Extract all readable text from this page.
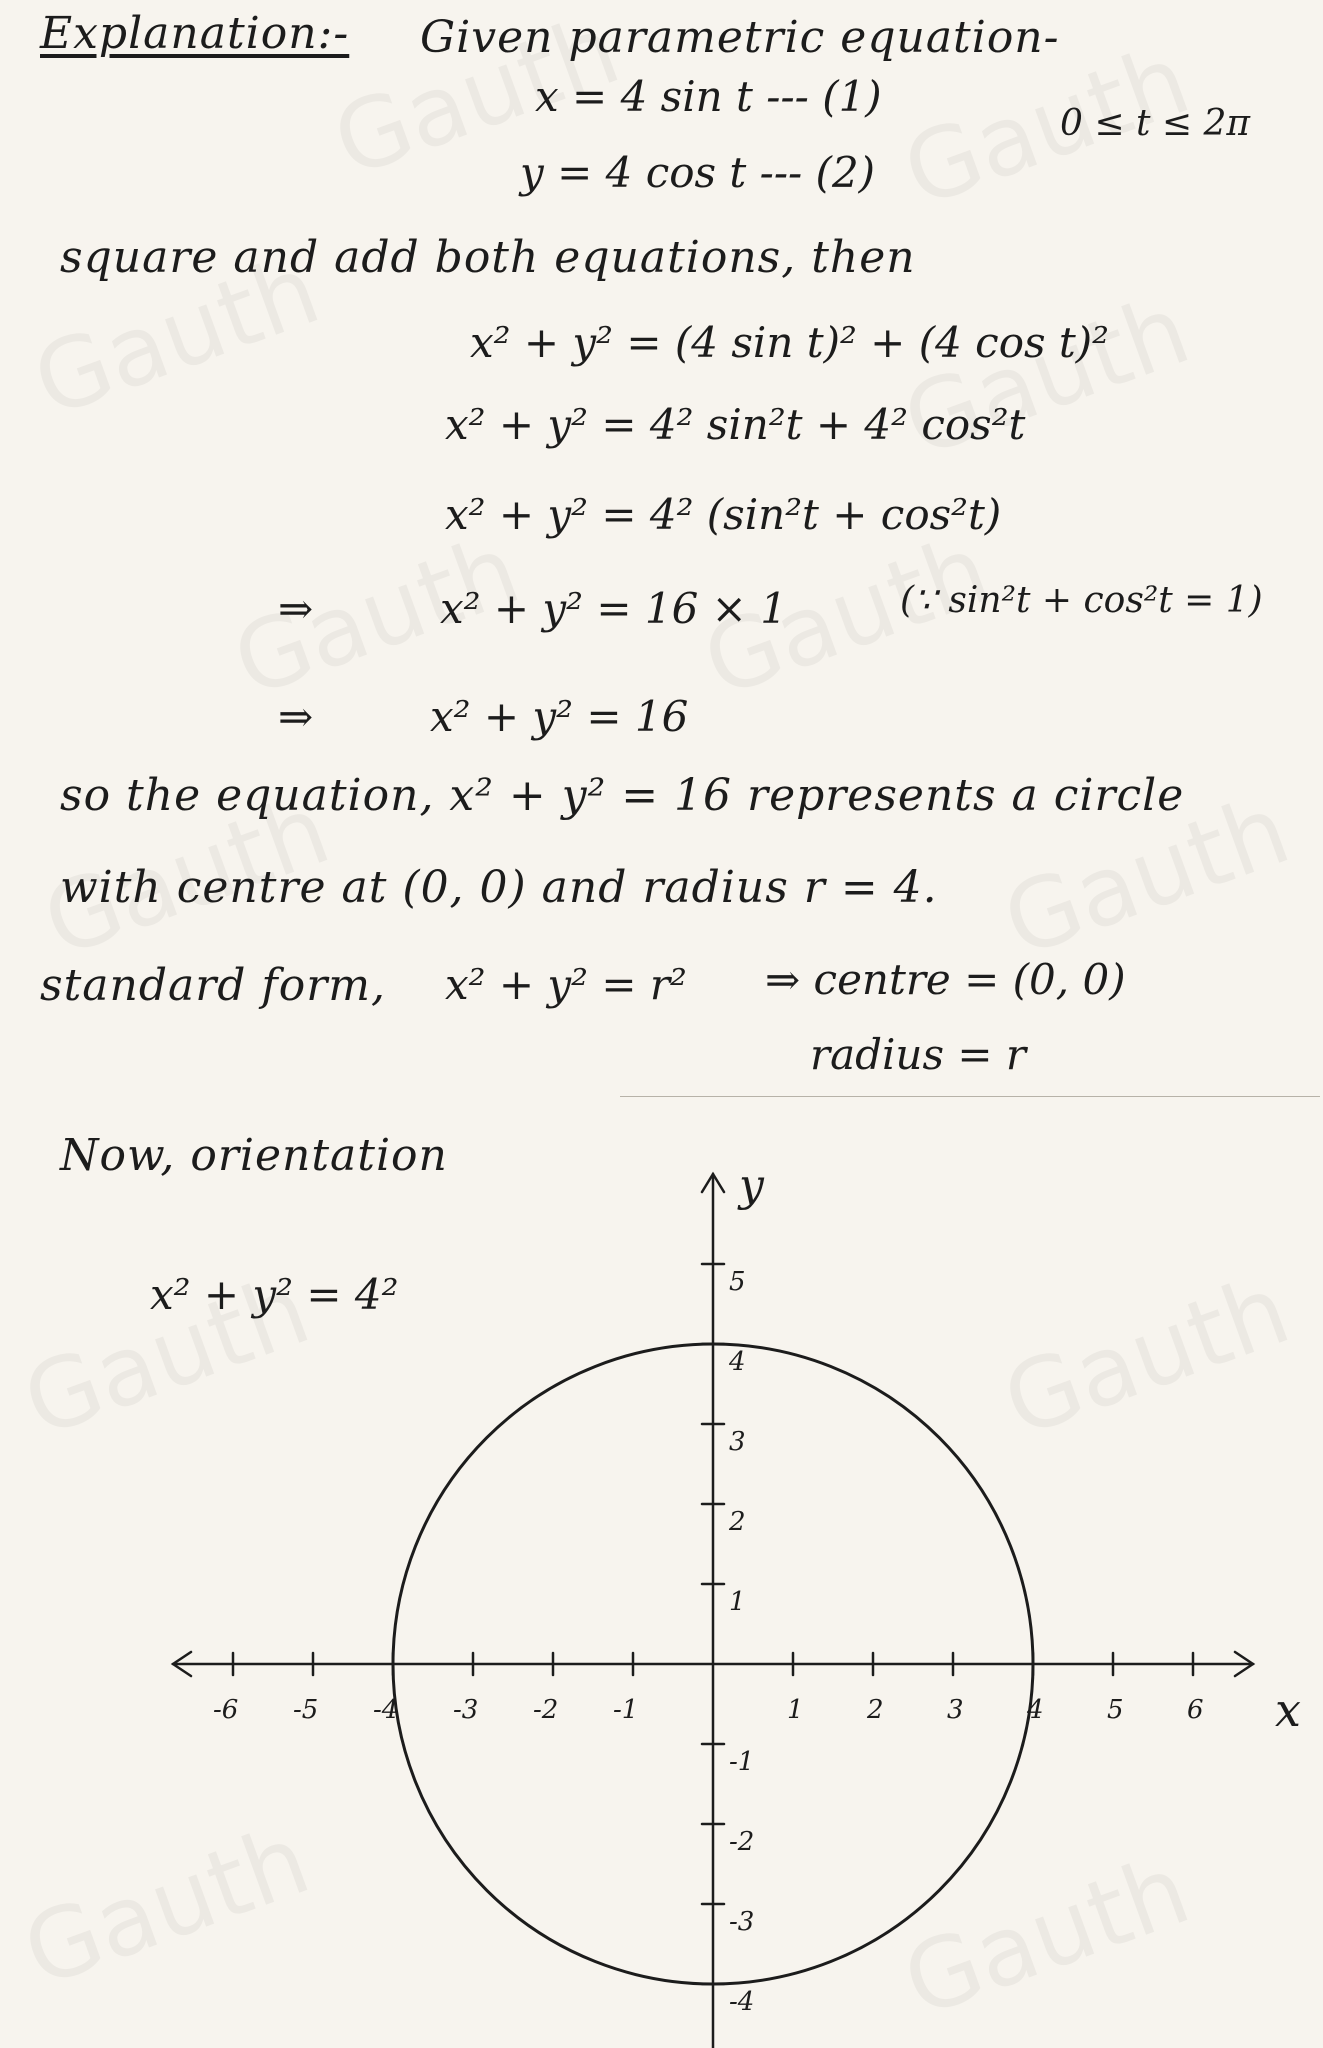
Explanation:- Given parametric equation-
x = 4 sin t --- (1)
0 ≤ t ≤ 2π
y = 4 cos t --- (2)
square and add both equations, then
x² + y² = (4 sin t)² + (4 cos t)²
x² + y² = 4² sin²t + 4² cos²t
x² + y² = 4² (sin²t + cos²t)
⇒	x² + y² = 16 × 1	(∵ sin²t + cos²t = 1)
⇒	x² + y² = 16
so the equation, x² + y² = 16 represents a circle
with centre at (0, 0) and radius r = 4.
standard form, x² + y² = r² ⇒ centre = (0, 0)
radius = r
Now, orientation
x² + y² = 4²
x
y
-6 -5 -4 -3 -2 -1	1 2 3 4 5 6
5
4
3
2
1
-1
-2
-3
-4
